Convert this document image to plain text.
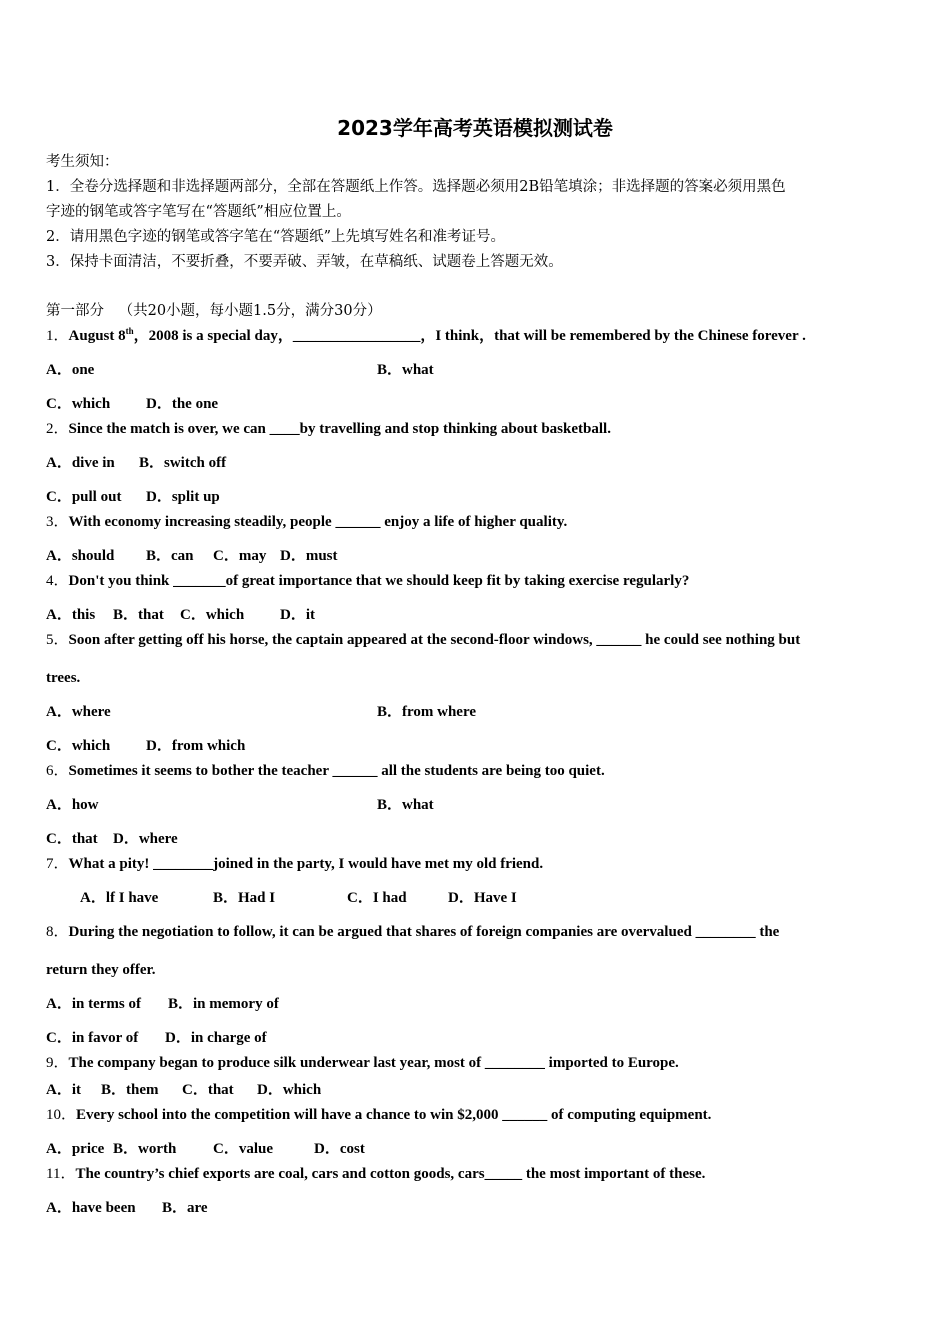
2023学年高考英语模拟测试卷
考生须知：
1．全卷分选择题和非选择题两部分，全部在答题纸上作答。选择题必须用2B铅笔填涂；非选择题的答案必须用黑色
字迹的钢笔或答字笔写在“答题纸”相应位置上。
2．请用黑色字迹的钢笔或答字笔在“答题纸”上先填写姓名和准考证号。
3．保持卡面清洁，不要折叠，不要弄破、弄皱，在草稿纸、试题卷上答题无效。
第一部分 （共20小题，每小题1.5分，满分30分）
1．August 8th，2008 is a special day，_________________，I think，that will be remembered by the Chinese forever .
A．one	B．what
C．which D．the one
2．Since the match is over, we can ____by travelling and stop thinking about basketball.
A．dive in B．switch off
C．pull out D．split up
3．With economy increasing steadily, people ______ enjoy a life of higher quality.
A．should B．can C．may D．must
4．Don't you think _______of great importance that we should keep fit by taking exercise regularly?
A．this B．that C．which D．it
5．Soon after getting off his horse, the captain appeared at the second-floor windows, ______ he could see nothing but
trees.
A．where	B．from where
C．which D．from which
6．Sometimes it seems to bother the teacher ______ all the students are being too quiet.
A．how	B．what
C．that D．where
7．What a pity! ________joined in the party, I would have met my old friend.
A．lf I have	B．Had I	C．I had	D．Have I
8．During the negotiation to follow, it can be argued that shares of foreign companies are overvalued ________ the
return they offer.
A．in terms of B．in memory of
C．in favor of D．in charge of
9．The company began to produce silk underwear last year, most of ________ imported to Europe.
A．it B．them C．that D．which
10．Every school into the competition will have a chance to win $2,000 ______ of computing equipment.
A．price B．worth C．value	D．cost
11．The country’s chief exports are coal, cars and cotton goods, cars_____ the most important of these.
A．have been B．are
